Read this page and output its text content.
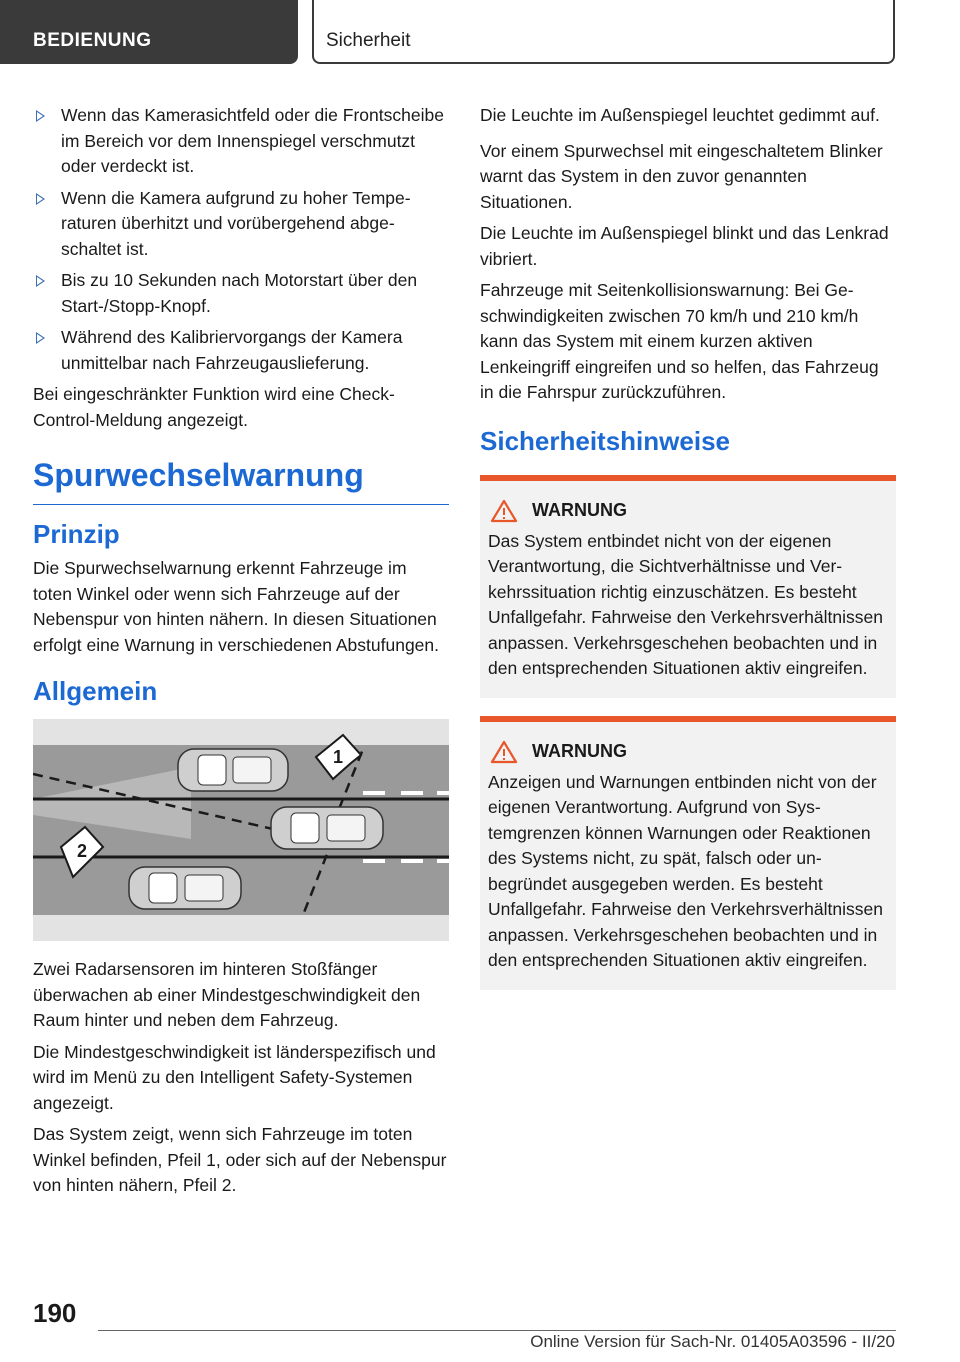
BEDIENUNG	Sicherheit
Wenn das Kamerasichtfeld oder die Frontscheibe im Bereich vor dem Innenspiegel verschmutzt oder verdeckt ist.
Wenn die Kamera aufgrund zu hoher Temperaturen überhitzt und vorübergehend abgeschaltet ist.
Bis zu 10 Sekunden nach Motorstart über den Start-/Stopp-Knopf.
Während des Kalibriervorgangs der Kamera unmittelbar nach Fahrzeugauslieferung.

Bei eingeschränkter Funktion wird eine Check-Control-Meldung angezeigt.

Spurwechselwarnung
Prinzip

Die Spurwechselwarnung erkennt Fahrzeuge im toten Winkel oder wenn sich Fahrzeuge auf der Nebenspur von hinten nähern. In diesen Situationen erfolgt eine Warnung in verschiedenen Abstufungen.

Allgemein
1
2

Zwei Radarsensoren im hinteren Stoßfänger überwachen ab einer Mindestgeschwindigkeit den Raum hinter und neben dem Fahrzeug.

Die Mindestgeschwindigkeit ist länderspezifisch und wird im Menü zu den Intelligent Safety-Systemen angezeigt.

Das System zeigt, wenn sich Fahrzeuge im toten Winkel befinden, Pfeil 1, oder sich auf der Nebenspur von hinten nähern, Pfeil 2.

Die Leuchte im Außenspiegel leuchtet gedimmt auf.

Vor einem Spurwechsel mit eingeschaltetem Blinker warnt das System in den zuvor genannten Situationen.

Die Leuchte im Außenspiegel blinkt und das Lenkrad vibriert.

Fahrzeuge mit Seitenkollisionswarnung: Bei Geschwindigkeiten zwischen 70 km/h und 210 km/h kann das System mit einem kurzen aktiven Lenkeingriff eingreifen und so helfen, das Fahrzeug in die Fahrspur zurückzuführen.

Sicherheitshinweise
WARNUNG

Das System entbindet nicht von der eigenen Verantwortung, die Sichtverhältnisse und Verkehrssituation richtig einzuschätzen. Es besteht Unfallgefahr. Fahrweise den Verkehrsverhältnissen anpassen. Verkehrsgeschehen beobachten und in den entsprechenden Situationen aktiv eingreifen.

WARNUNG

Anzeigen und Warnungen entbinden nicht von der eigenen Verantwortung. Aufgrund von Systemgrenzen können Warnungen oder Reaktionen des Systems nicht, zu spät, falsch oder unbegründet ausgegeben werden. Es besteht Unfallgefahr. Fahrweise den Verkehrsverhältnissen anpassen. Verkehrsgeschehen beobachten und in den entsprechenden Situationen aktiv eingreifen.

190
Online Version für Sach-Nr. 01405A03596 - II/20
